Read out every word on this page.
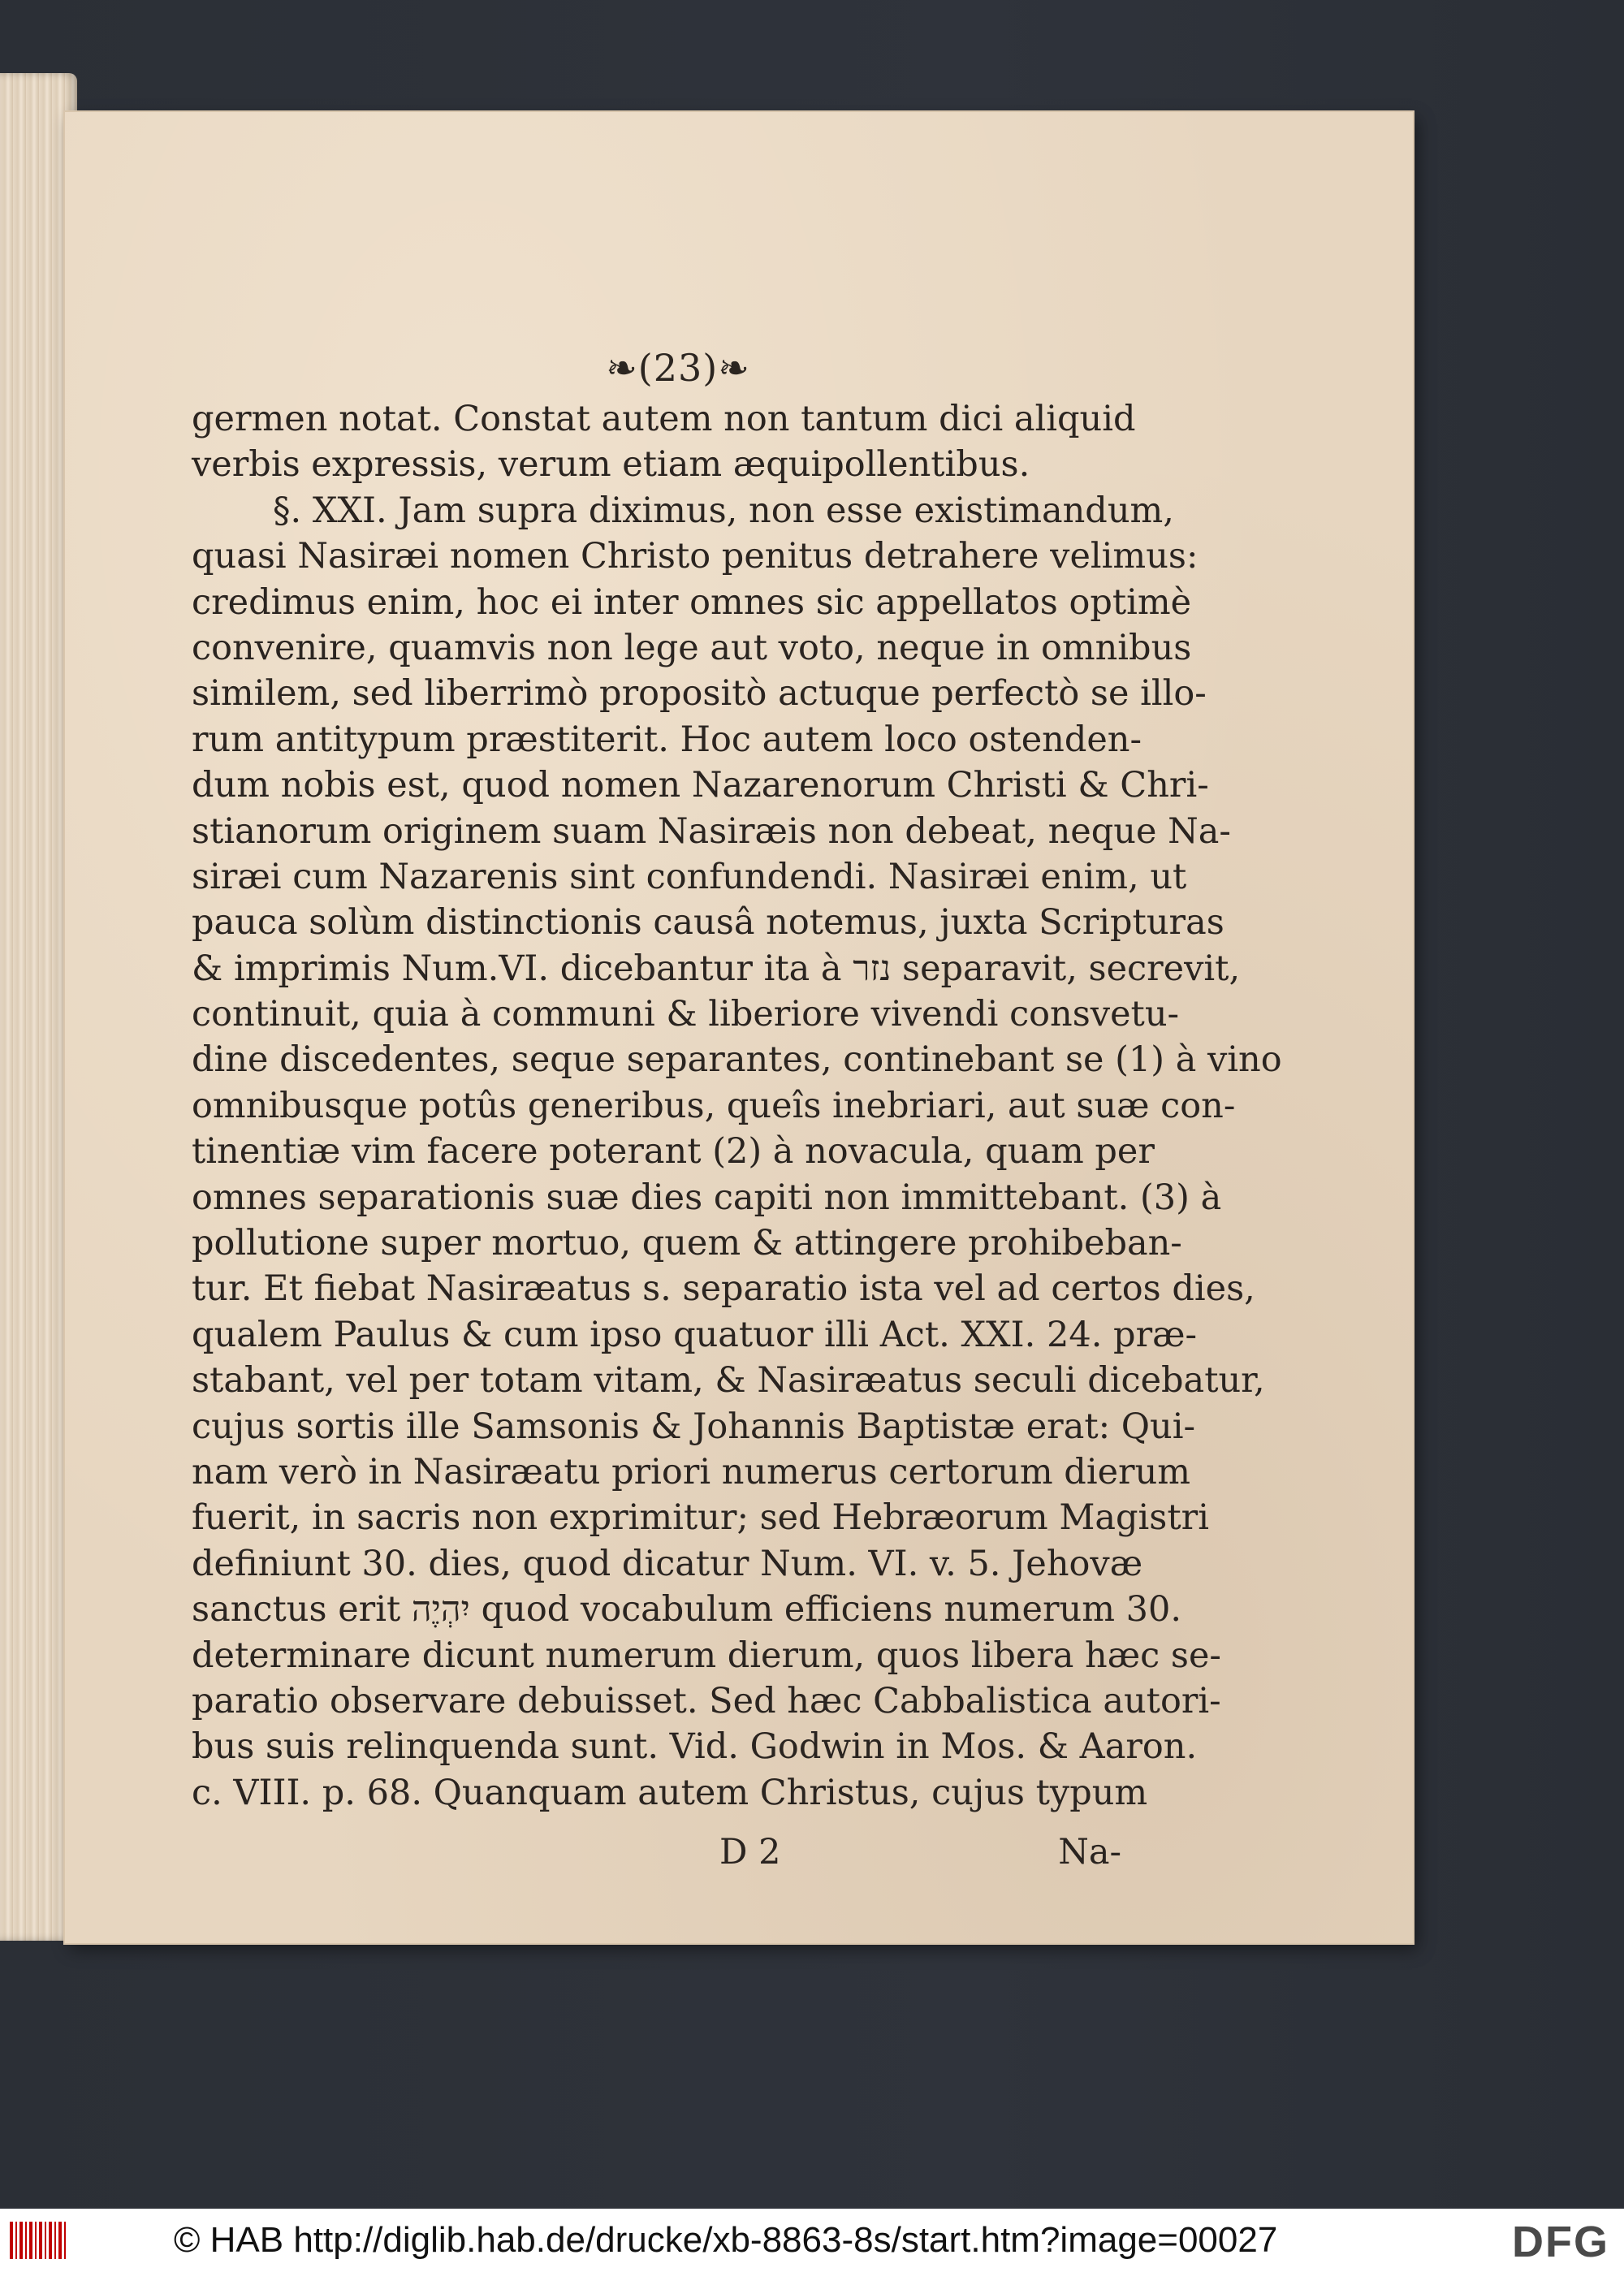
❧(23)❧
germen notat. Constat autem non tantum dici aliquid
verbis expressis, verum etiam æquipollentibus.
§. XXI. Jam supra diximus, non esse existimandum,
quasi Nasiræi nomen Christo penitus detrahere velimus:
credimus enim, hoc ei inter omnes sic appellatos optimè
convenire, quamvis non lege aut voto, neque in omnibus
similem, sed liberrimò propositò actuque perfectò se illo-
rum antitypum præstiterit. Hoc autem loco ostenden-
dum nobis est, quod nomen Nazarenorum Christi & Chri-
stianorum originem suam Nasiræis non debeat, neque Na-
siræi cum Nazarenis sint confundendi. Nasiræi enim, ut
pauca solùm distinctionis causâ notemus, juxta Scripturas
& imprimis Num.VI. dicebantur ita à נזר separavit, secrevit,
continuit, quia à communi & liberiore vivendi consvetu-
dine discedentes, seque separantes, continebant se (1) à vino
omnibusque potûs generibus, queîs inebriari, aut suæ con-
tinentiæ vim facere poterant (2) à novacula, quam per
omnes separationis suæ dies capiti non immittebant. (3) à
pollutione super mortuo, quem & attingere prohibeban-
tur. Et fiebat Nasiræatus s. separatio ista vel ad certos dies,
qualem Paulus & cum ipso quatuor illi Act. XXI. 24. præ-
stabant, vel per totam vitam, & Nasiræatus seculi dicebatur,
cujus sortis ille Samsonis & Johannis Baptistæ erat: Qui-
nam verò in Nasiræatu priori numerus certorum dierum
fuerit, in sacris non exprimitur; sed Hebræorum Magistri
definiunt 30. dies, quod dicatur Num. VI. v. 5. Jehovæ
sanctus erit יִהְיֶה quod vocabulum efficiens numerum 30.
determinare dicunt numerum dierum, quos libera hæc se-
paratio observare debuisset. Sed hæc Cabbalistica autori-
bus suis relinquenda sunt. Vid. Godwin in Mos. & Aaron.
c. VIII. p. 68. Quanquam autem Christus, cujus typum
D 2	Na-
© HAB http://diglib.hab.de/drucke/xb-8863-8s/start.htm?image=00027	DFG
